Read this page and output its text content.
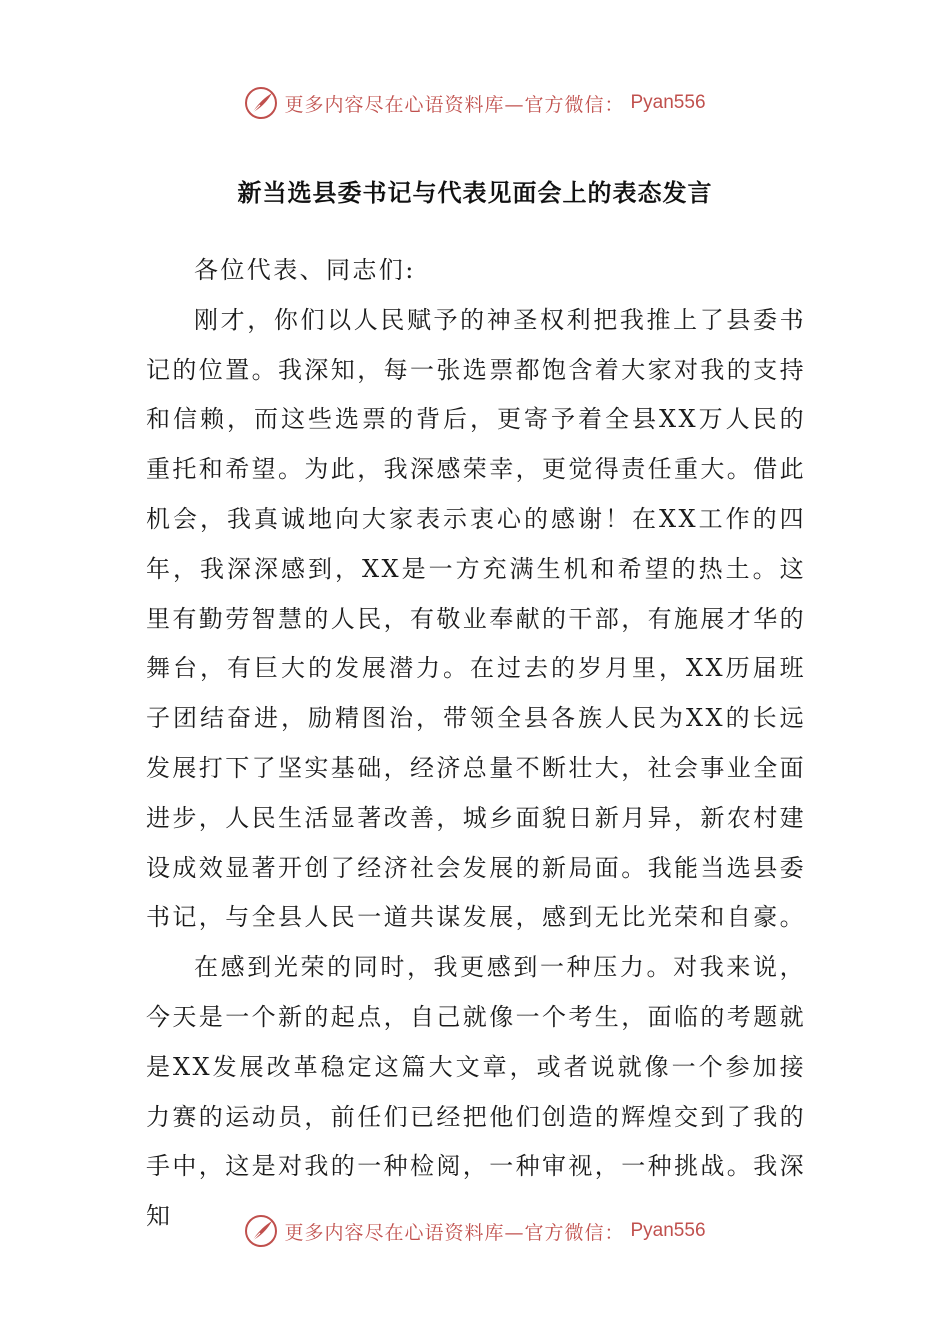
更多内容尽在心语资料库—官方微信： Pyan556
新当选县委书记与代表见面会上的表态发言

各位代表、同志们:

刚才，你们以人民赋予的神圣权利把我推上了县委书记的位置。我深知，每一张选票都饱含着大家对我的支持和信赖，而这些选票的背后，更寄予着全县XX万人民的重托和希望。为此，我深感荣幸，更觉得责任重大。借此机会，我真诚地向大家表示衷心的感谢！在XX工作的四年，我深深感到，XX是一方充满生机和希望的热土。这里有勤劳智慧的人民，有敬业奉献的干部，有施展才华的舞台，有巨大的发展潜力。在过去的岁月里，XX历届班子团结奋进，励精图治，带领全县各族人民为XX的长远发展打下了坚实基础，经济总量不断壮大，社会事业全面进步，人民生活显著改善，城乡面貌日新月异，新农村建设成效显著开创了经济社会发展的新局面。我能当选县委书记，与全县人民一道共谋发展，感到无比光荣和自豪。

在感到光荣的同时，我更感到一种压力。对我来说，今天是一个新的起点，自己就像一个考生，面临的考题就是XX发展改革稳定这篇大文章，或者说就像一个参加接力赛的运动员，前任们已经把他们创造的辉煌交到了我的手中，这是对我的一种检阅，一种审视，一种挑战。我深知

更多内容尽在心语资料库—官方微信： Pyan556
